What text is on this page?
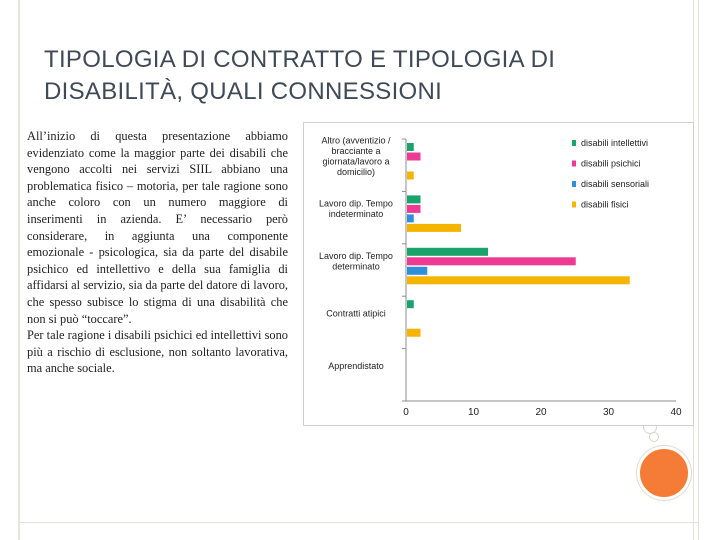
TIPOLOGIA DI CONTRATTO E TIPOLOGIA DI
DISABILITÀ, QUALI CONNESSIONI

All’inizio di questa presentazione abbiamo evidenziato come la maggior parte dei disabili che vengono accolti nei servizi SIIL abbiano una problematica fisico – motoria, per tale ragione sono anche coloro con un numero maggiore di inserimenti in azienda. E’ necessario però considerare, in aggiunta una componente emozionale - psicologica, sia da parte del disabile psichico ed intellettivo e della sua famiglia di affidarsi al servizio, sia da parte del datore di lavoro, che spesso subisce lo stigma di una disabilità che non si può “toccare”.

Per tale ragione i disabili psichici ed intellettivi sono più a rischio di esclusione, non soltanto lavorativa, ma anche sociale.

0	10	20	30	40
Altro (avventizio / bracciante a giornata/lavoro a domicilio)
Lavoro dip. Tempo indeterminato
Lavoro dip. Tempo determinato
Contratti atipici
Apprendistato
disabili intellettivi
disabili psichici
disabili sensoriali
disabili fisici
